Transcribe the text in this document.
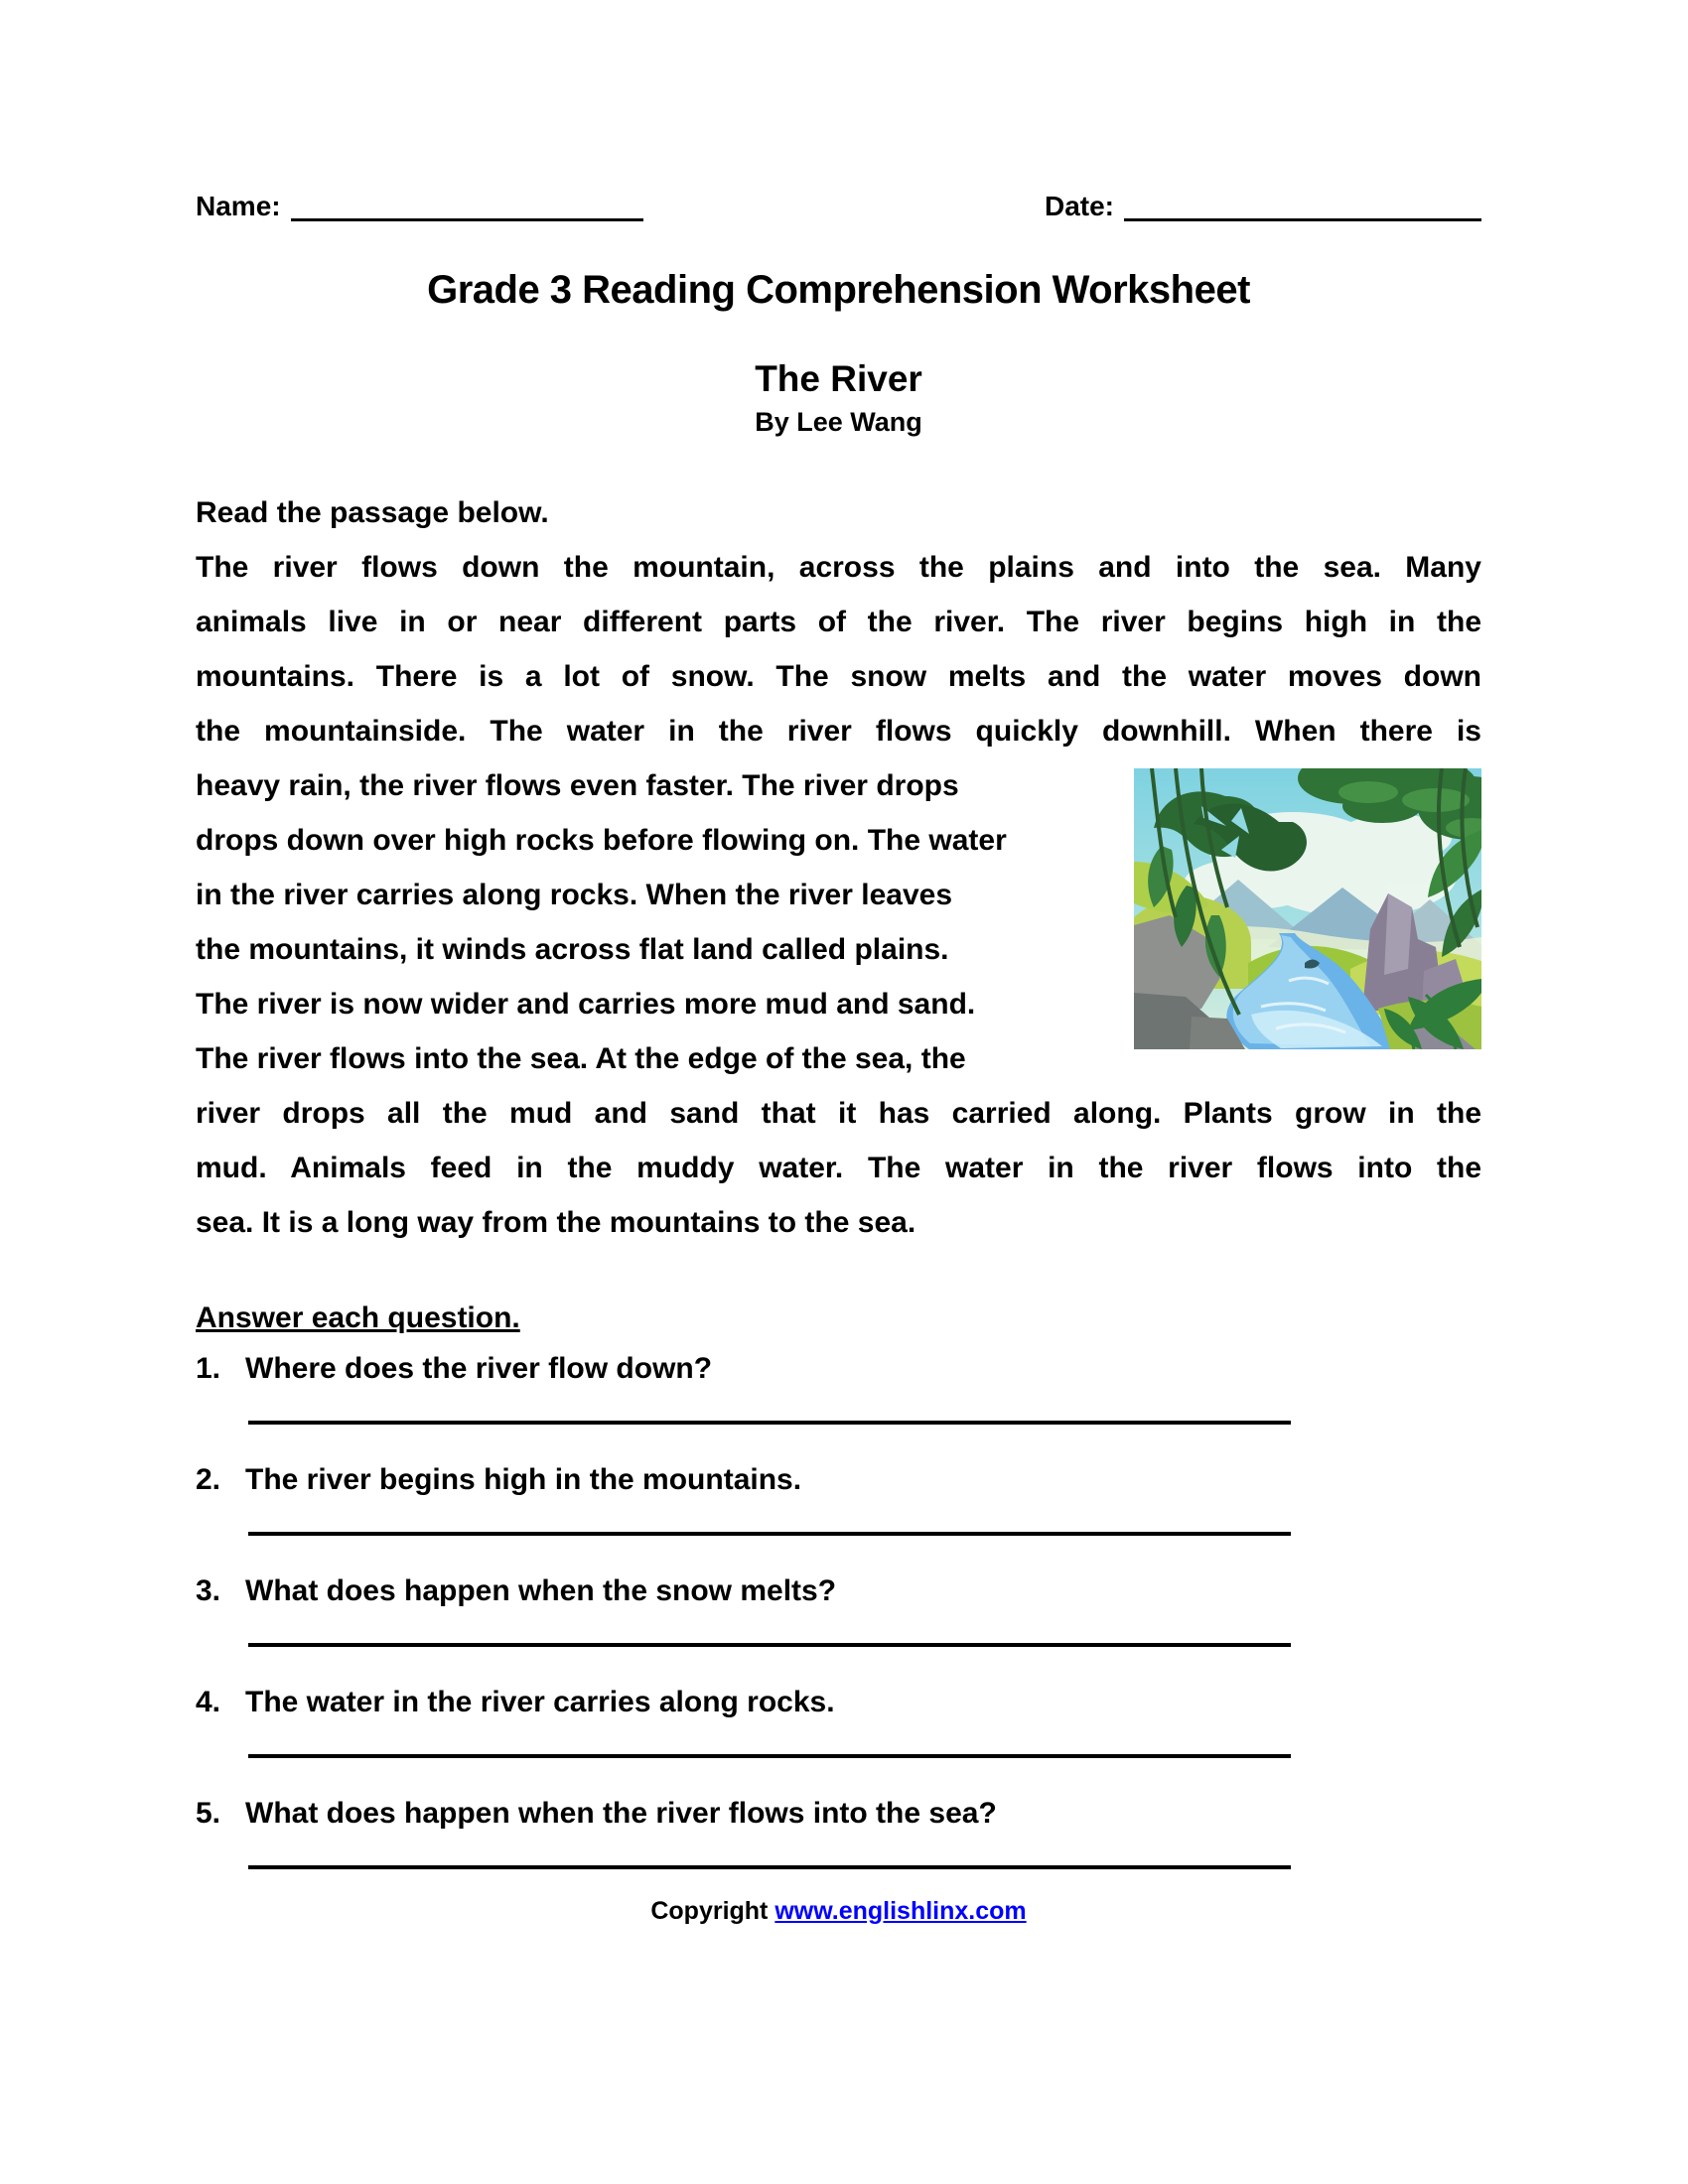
Name:	Date:
Grade 3 Reading Comprehension Worksheet
The River
By Lee Wang
Read the passage below.
The river flows down the mountain, across the plains and into the sea. Many
animals live in or near different parts of the river. The river begins high in the
mountains. There is a lot of snow. The snow melts and the water moves down
the mountainside. The water in the river flows quickly downhill. When there is
heavy rain, the river flows even faster. The river drops
drops down over high rocks before flowing on. The water
in the river carries along rocks. When the river leaves
the mountains, it winds across flat land called plains.
The river is now wider and carries more mud and sand.
The river flows into the sea. At the edge of the sea, the
river drops all the mud and sand that it has carried along. Plants grow in the
mud. Animals feed in the muddy water. The water in the river flows into the
sea. It is a long way from the mountains to the sea.
Answer each question.
1. Where does the river flow down?
2. The river begins high in the mountains.
3. What does happen when the snow melts?
4. The water in the river carries along rocks.
5. What does happen when the river flows into the sea?
Copyright www.englishlinx.com
